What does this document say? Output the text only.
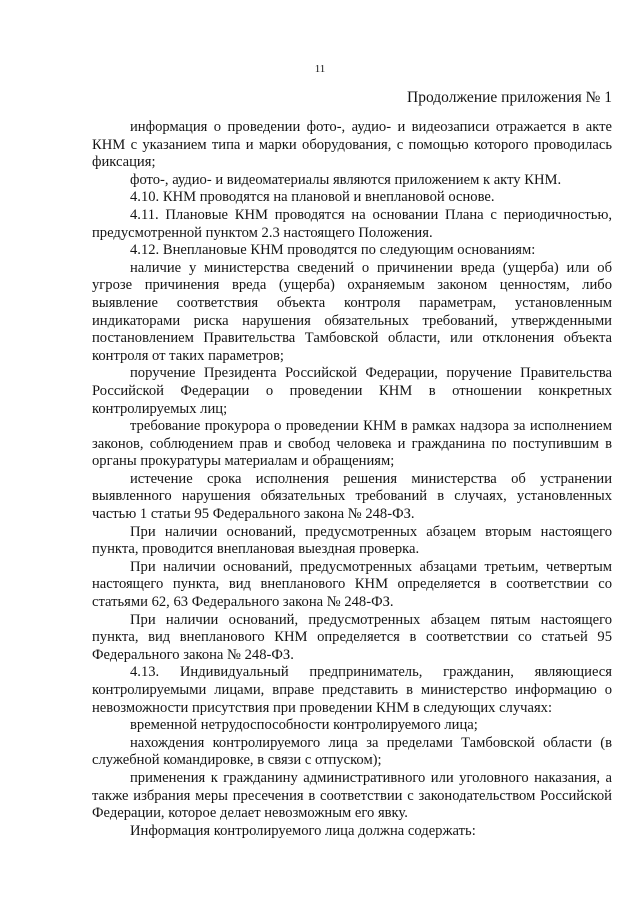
11
Продолжение приложения № 1

информация о проведении фото-, аудио- и видеозаписи отражается в акте КНМ с указанием типа и марки оборудования, с помощью которого проводилась фиксация;

фото-, аудио- и видеоматериалы являются приложением к акту КНМ.

4.10. КНМ проводятся на плановой и внеплановой основе.

4.11. Плановые КНМ проводятся на основании Плана с периодичностью, предусмотренной пунктом 2.3 настоящего Положения.

4.12. Внеплановые КНМ проводятся по следующим основаниям:

наличие у министерства сведений о причинении вреда (ущерба) или об угрозе причинения вреда (ущерба) охраняемым законом ценностям, либо выявление соответствия объекта контроля параметрам, установленным индикаторами риска нарушения обязательных требований, утвержденными постановлением Правительства Тамбовской области, или отклонения объекта контроля от таких параметров;

поручение Президента Российской Федерации, поручение Правительства Российской Федерации о проведении КНМ в отношении конкретных контролируемых лиц;

требование прокурора о проведении КНМ в рамках надзора за исполнением законов, соблюдением прав и свобод человека и гражданина по поступившим в органы прокуратуры материалам и обращениям;

истечение срока исполнения решения министерства об устранении выявленного нарушения обязательных требований в случаях, установленных частью 1 статьи 95 Федерального закона № 248-ФЗ.

При наличии оснований, предусмотренных абзацем вторым настоящего пункта, проводится внеплановая выездная проверка.

При наличии оснований, предусмотренных абзацами третьим, четвертым настоящего пункта, вид внепланового КНМ определяется в соответствии со статьями 62, 63 Федерального закона № 248-ФЗ.

При наличии оснований, предусмотренных абзацем пятым настоящего пункта, вид внепланового КНМ определяется в соответствии со статьей 95 Федерального закона № 248-ФЗ.

4.13. Индивидуальный предприниматель, гражданин, являющиеся контролируемыми лицами, вправе представить в министерство информацию о невозможности присутствия при проведении КНМ в следующих случаях:

временной нетрудоспособности контролируемого лица;

нахождения контролируемого лица за пределами Тамбовской области (в служебной командировке, в связи с отпуском);

применения к гражданину административного или уголовного наказания, а также избрания меры пресечения в соответствии с законодательством Российской Федерации, которое делает невозможным его явку.

Информация контролируемого лица должна содержать:
